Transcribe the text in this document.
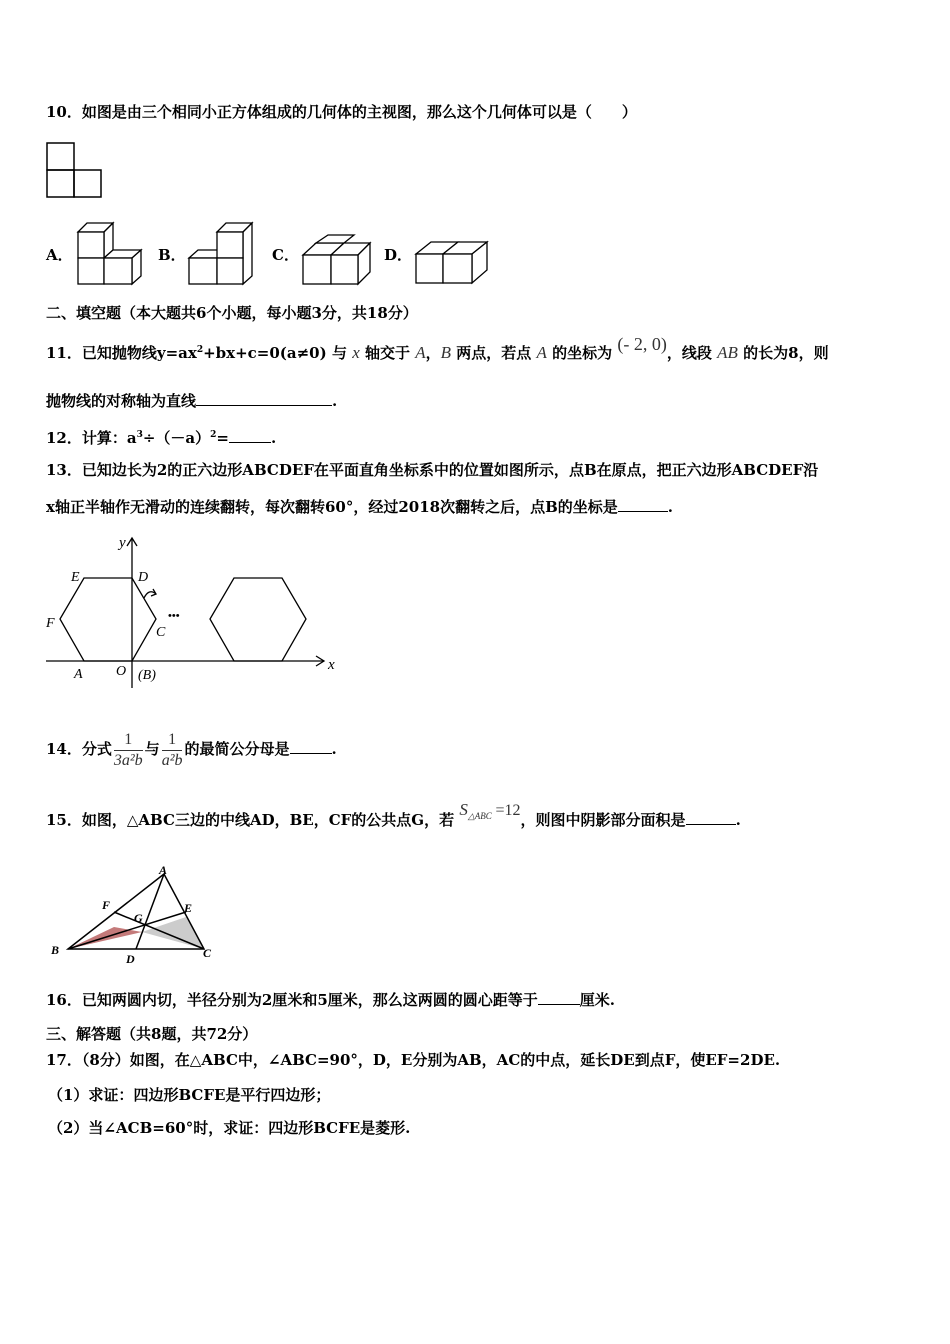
10．如图是由三个相同小正方体组成的几何体的主视图，那么这个几何体可以是（　　）
A．	B．	C．	D．
二、填空题（本大题共6个小题，每小题3分，共18分）
11．已知抛物线$y=ax^2+bx+c=0(a\ne 0)$ 与 x 轴交于 A，B 两点，若点 A 的坐标为 (- 2, 0)，线段 AB 的长为8，则
抛物线的对称轴为直线	.
12．计算：$a^3\div(-a)^2=$	.
13．已知边长为2的正六边形ABCDEF在平面直角坐标系中的位置如图所示，点B在原点，把正六边形ABCDEF沿
x轴正半轴作无滑动的连续翻转，每次翻转60°，经过2018次翻转之后，点B的坐标是	.
y
x
E	D
F
C
A O (B)
•••
14．分式 $\frac{1}{\text{3a²b}}$ 与 $\frac{1}{\text{a²b}}$ 的最简公分母是	.
15．如图，△ABC三边的中线AD，BE，CF的公共点G，若 $S_{\triangle ABC} =12$，则图中阴影部分面积是	.
A
B	C
D
E
F
G
16．已知两圆内切，半径分别为2厘米和5厘米，那么这两圆的圆心距等于	厘米.
三、解答题（共8题，共72分）
17．（8分）如图，在△ABC中，∠ABC=90°，D，E分别为AB，AC的中点，延长DE到点F，使EF=2DE.
（1）求证：四边形BCFE是平行四边形；
（2）当∠ACB=60°时，求证：四边形BCFE是菱形.
